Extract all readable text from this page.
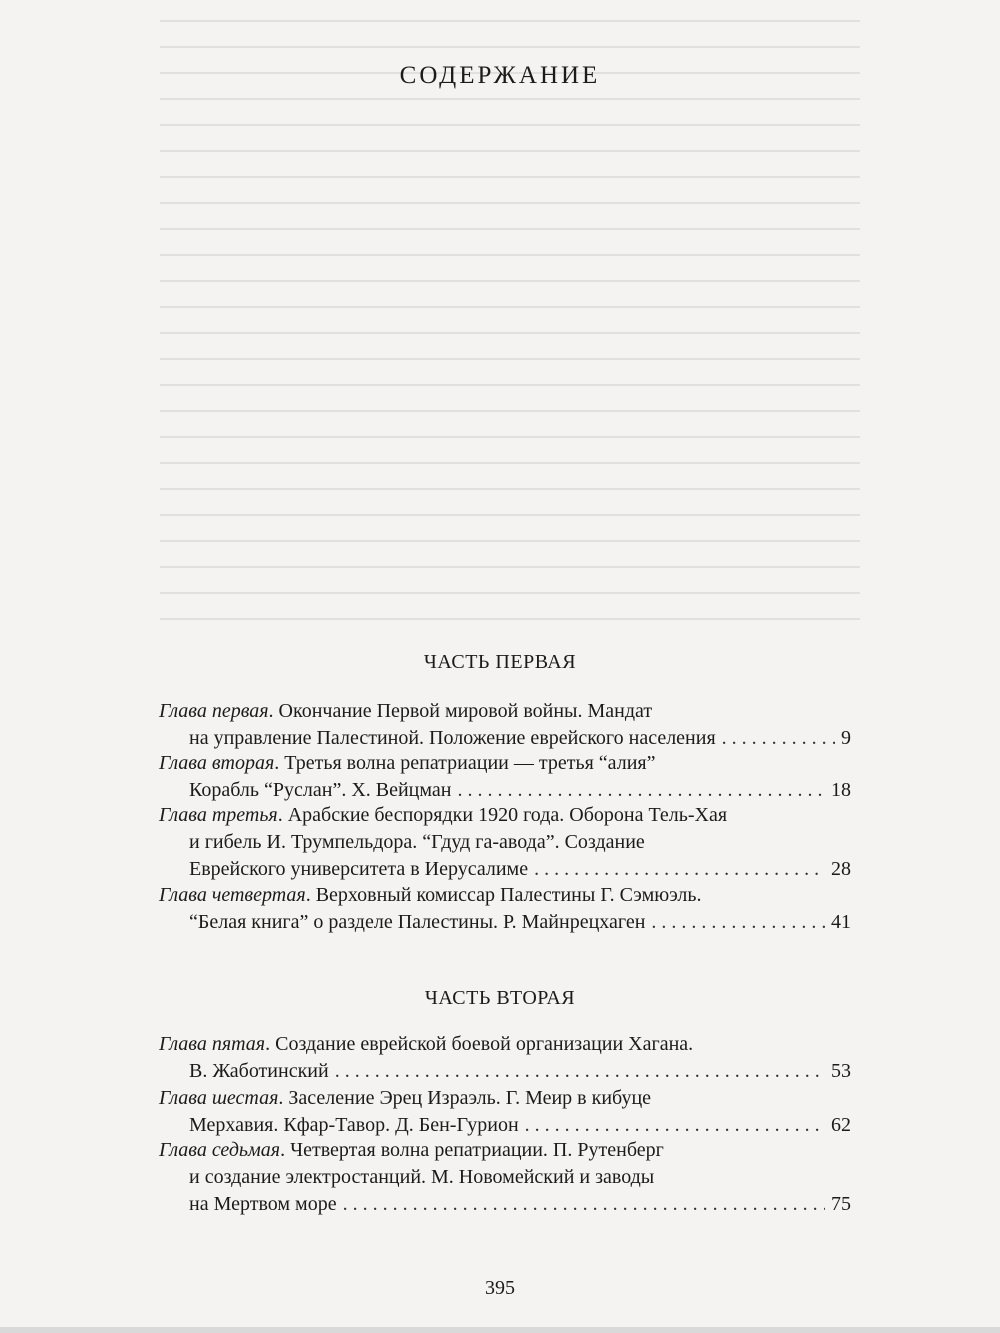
СОДЕРЖАНИЕ
ЧАСТЬ ПЕРВАЯ
Глава первая. Окончание Первой мировой войны. Мандат
на управление Палестиной. Положение еврейского населения . . .	9
Глава вторая. Третья волна репатриации — третья “алия”
Корабль “Руслан”. Х. Вейцман . . .	18
Глава третья. Арабские беспорядки 1920 года. Оборона Тель-Хая
и гибель И. Трумпельдора. “Гдуд га-авода”. Создание
Еврейского университета в Иерусалиме . . .	28
Глава четвертая. Верховный комиссар Палестины Г. Сэмюэль.
“Белая книга” о разделе Палестины. Р. Майнрецхаген . . .	41
ЧАСТЬ ВТОРАЯ
Глава пятая. Создание еврейской боевой организации Хагана.
В. Жаботинский . . .	53
Глава шестая. Заселение Эрец Израэль. Г. Меир в кибуце
Мерхавия. Кфар-Тавор. Д. Бен-Гурион . . .	62
Глава седьмая. Четвертая волна репатриации. П. Рутенберг
и создание электростанций. М. Новомейский и заводы
на Мертвом море . . .	75
395
